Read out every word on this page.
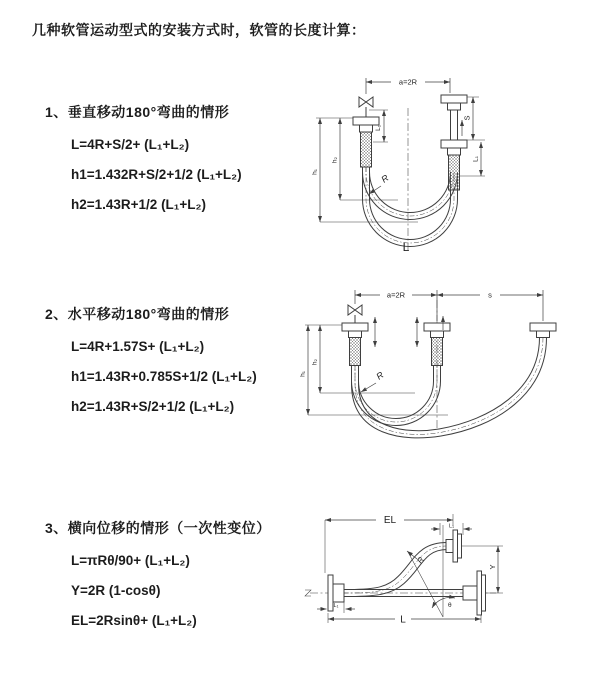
几种软管运动型式的安装方式时，软管的长度计算：
1、垂直移动180°弯曲的情形
L=4R+S/2+ (L₁+L₂)
h1=1.432R+S/2+1/2 (L₁+L₂)
h2=1.43R+1/2 (L₁+L₂)
2、水平移动180°弯曲的情形
L=4R+1.57S+ (L₁+L₂)
h1=1.43R+0.785S+1/2 (L₁+L₂)
h2=1.43R+S/2+1/2 (L₁+L₂)
3、横向位移的情形（一次性变位）
L=πRθ/90+ (L₁+L₂)
Y=2R (1-cosθ)
EL=2Rsinθ+ (L₁+L₂)
a=2R
L₁
S
L₁
h₁
h₂
R
L
a=2R	s
h₁
h₂
R
θ
EL
L₁
Y
R
L₁
L
